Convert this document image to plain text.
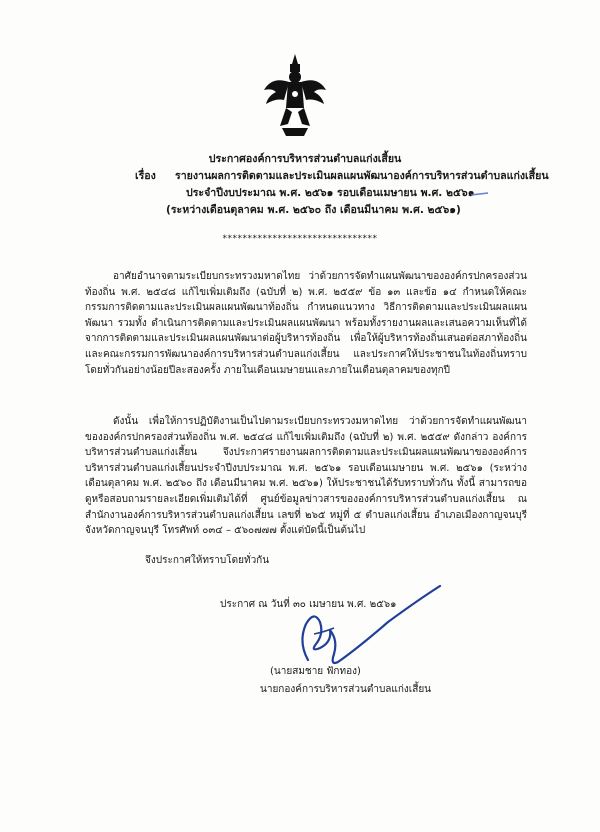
ประกาศองค์การบริหารส่วนตำบลแก่งเสี้ยน
เรื่อง รายงานผลการติดตามและประเมินผลแผนพัฒนาองค์การบริหารส่วนตำบลแก่งเสี้ยน
ประจำปีงบประมาณ พ.ศ. ๒๕๖๑ รอบเดือนเมษายน พ.ศ. ๒๕๖๑
(ระหว่างเดือนตุลาคม พ.ศ. ๒๕๖๐ ถึง เดือนมีนาคม พ.ศ. ๒๕๖๑)
*******************************
อาศัยอำนาจตามระเบียบกระทรวงมหาดไทย ว่าด้วยการจัดทำแผนพัฒนาขององค์กรปกครองส่วนท้องถิ่น พ.ศ. ๒๕๔๘ แก้ไขเพิ่มเติมถึง (ฉบับที่ ๒) พ.ศ. ๒๕๕๙ ข้อ ๑๓ และข้อ ๑๔ กำหนดให้คณะกรรมการติดตามและประเมินผลแผนพัฒนาท้องถิ่น กำหนดแนวทาง วิธีการติดตามและประเมินผลแผนพัฒนา รวมทั้ง ดำเนินการติดตามและประเมินผลแผนพัฒนา พร้อมทั้งรายงานผลและเสนอความเห็นที่ได้จากการติดตามและประเมินผลแผนพัฒนาต่อผู้บริหารท้องถิ่น เพื่อให้ผู้บริหารท้องถิ่นเสนอต่อสภาท้องถิ่น และคณะกรรมการพัฒนาองค์การบริหารส่วนตำบลแก่งเสี้ยน และประกาศให้ประชาชนในท้องถิ่นทราบโดยทั่วกันอย่างน้อยปีละสองครั้ง ภายในเดือนเมษายนและภายในเดือนตุลาคมของทุกปี
ดังนั้น เพื่อให้การปฏิบัติงานเป็นไปตามระเบียบกระทรวงมหาดไทย ว่าด้วยการจัดทำแผนพัฒนาขององค์กรปกครองส่วนท้องถิ่น พ.ศ. ๒๕๔๘ แก้ไขเพิ่มเติมถึง (ฉบับที่ ๒) พ.ศ. ๒๕๕๙ ดังกล่าว องค์การบริหารส่วนตำบลแก่งเสี้ยน จึงประกาศรายงานผลการติดตามและประเมินผลแผนพัฒนาขององค์การบริหารส่วนตำบลแก่งเสี้ยนประจำปีงบประมาณ พ.ศ. ๒๕๖๑ รอบเดือนเมษายน พ.ศ. ๒๕๖๑ (ระหว่างเดือนตุลาคม พ.ศ. ๒๕๖๐ ถึง เดือนมีนาคม พ.ศ. ๒๕๖๑) ให้ประชาชนได้รับทราบทั่วกัน ทั้งนี้ สามารถขอดูหรือสอบถามรายละเอียดเพิ่มเติมได้ที่ ศูนย์ข้อมูลข่าวสารขององค์การบริหารส่วนตำบลแก่งเสี้ยน ณ สำนักงานองค์การบริหารส่วนตำบลแก่งเสี้ยน เลขที่ ๒๖๕ หมู่ที่ ๕ ตำบลแก่งเสี้ยน อำเภอเมืองกาญจนบุรี จังหวัดกาญจนบุรี โทรศัพท์ ๐๓๔ – ๕๖๐๗๗๗ ตั้งแต่บัดนี้เป็นต้นไป
จึงประกาศให้ทราบโดยทั่วกัน
ประกาศ ณ วันที่ ๓๐ เมษายน พ.ศ. ๒๕๖๑
(นายสมชาย ฟักทอง)
นายกองค์การบริหารส่วนตำบลแก่งเสี้ยน
